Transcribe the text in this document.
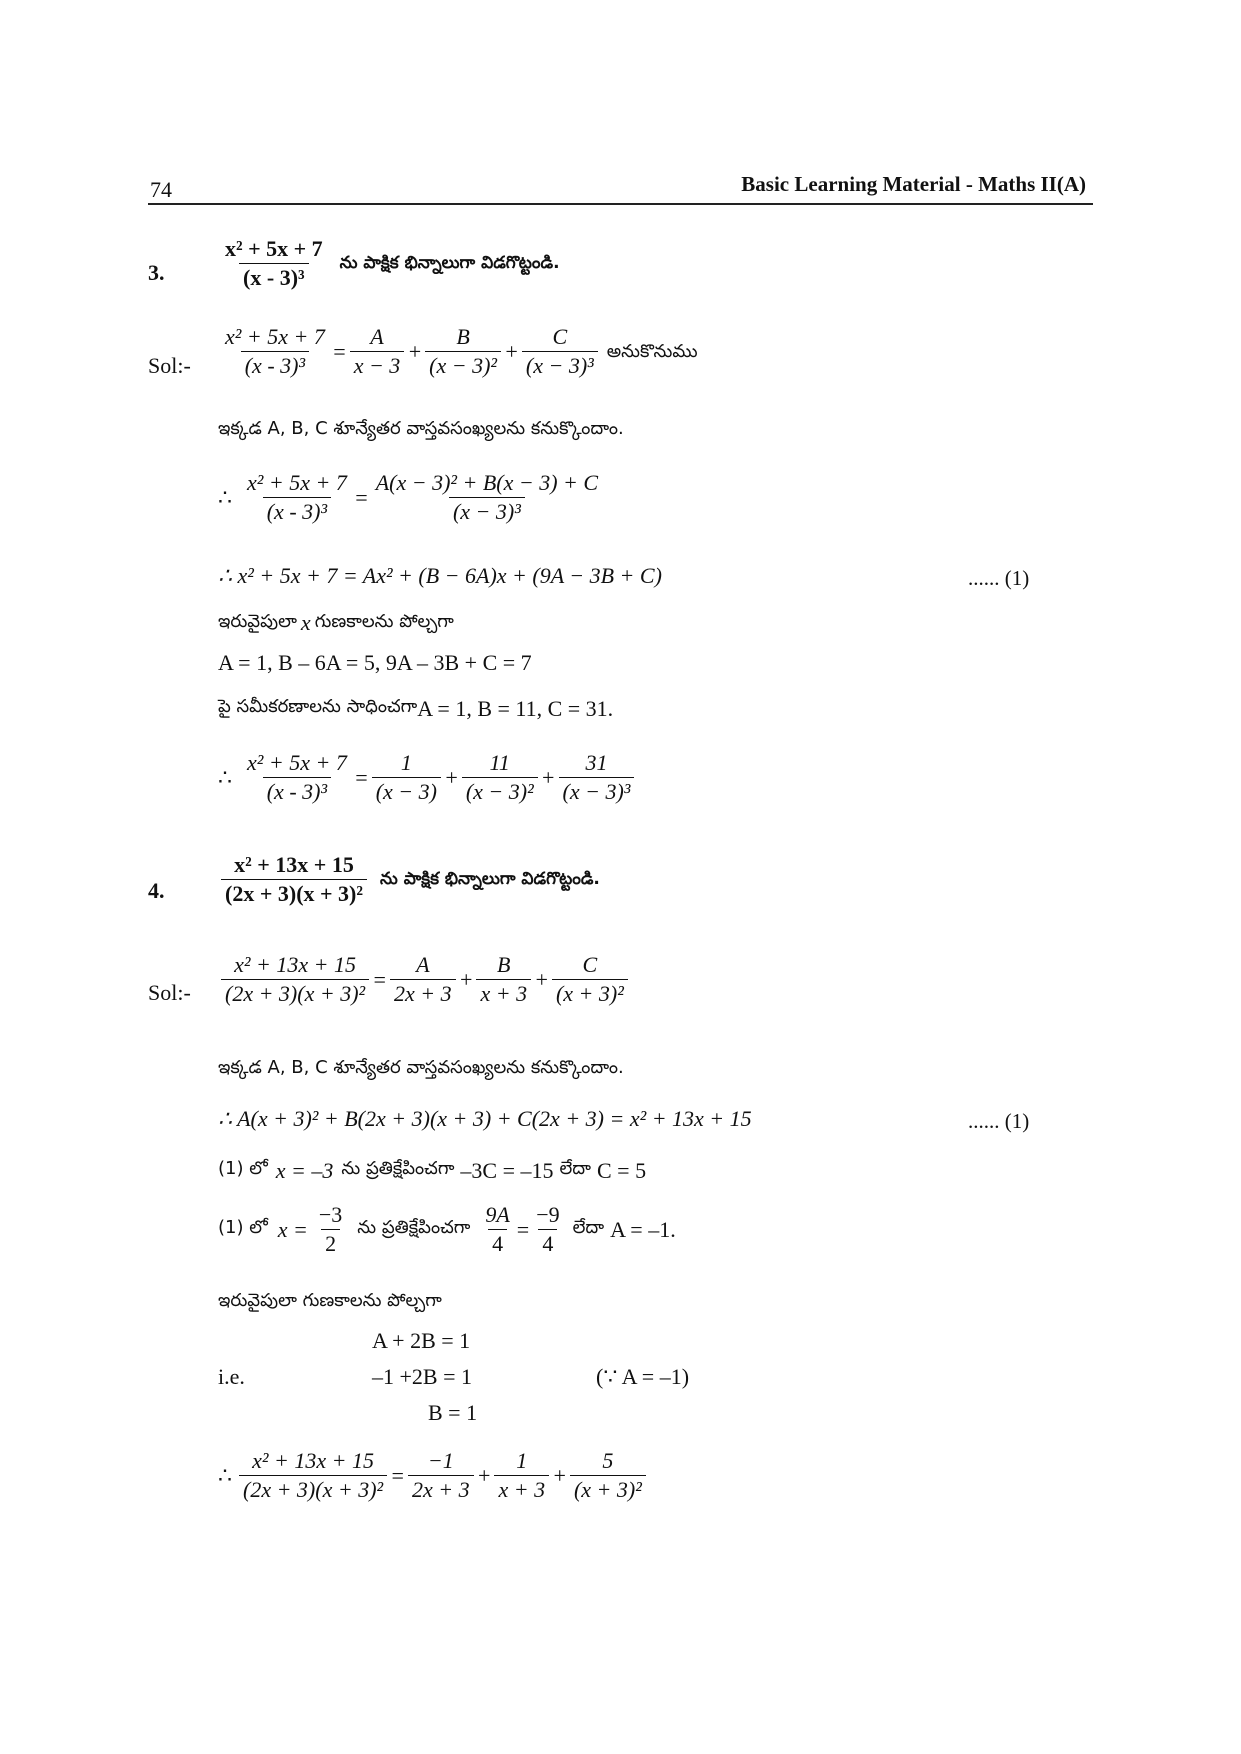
74	Basic Learning Material - Maths II(A)
3.
x² + 5x + 7
(x - 3)³
ను పాక్షిక భిన్నాలుగా విడగొట్టండి.
Sol:-
x² + 5x + 7
(x - 3)³
=
A
x − 3
+
B
(x − 3)²
+
C
(x − 3)³
అనుకొనుము
ఇక్కడ A, B, C శూన్యేతర వాస్తవసంఖ్యలను కనుక్కొందాం.
∴
x² + 5x + 7
(x - 3)³
=
A(x − 3)² + B(x − 3) + C
(x − 3)³
∴ x² + 5x + 7 = Ax² + (B − 6A)x + (9A − 3B + C)	...... (1)
ఇరువైపులా x గుణకాలను పోల్చగా
A = 1, B – 6A = 5, 9A – 3B + C = 7
పై సమీకరణాలను సాధించగా A = 1, B = 11, C = 31.
∴
x² + 5x + 7
(x - 3)³
=
1
(x − 3)
+
11
(x − 3)²
+
31
(x − 3)³
4.
x² + 13x + 15
(2x + 3)(x + 3)²
ను పాక్షిక భిన్నాలుగా విడగొట్టండి.
Sol:-
x² + 13x + 15
(2x + 3)(x + 3)²
=
A
2x + 3
+
B
x + 3
+
C
(x + 3)²
ఇక్కడ A, B, C శూన్యేతర వాస్తవసంఖ్యలను కనుక్కొందాం.
∴ A(x + 3)² + B(2x + 3)(x + 3) + C(2x + 3) = x² + 13x + 15	...... (1)
(1) లో x = –3 ను ప్రతిక్షేపించగా –3C = –15 లేదా C = 5
(1) లో $x = \frac{-3}{2}$ ను ప్రతిక్షేపించగా $\frac{9A}{4} = \frac{-9}{4}$ లేదా A = –1.
ఇరువైపులా గుణకాలను పోల్చగా
A + 2B = 1
i.e.	–1 +2B = 1	(∵ A = –1)
B = 1
∴
x² + 13x + 15
(2x + 3)(x + 3)²
=
−1
2x + 3
+
1
x + 3
+
5
(x + 3)²
